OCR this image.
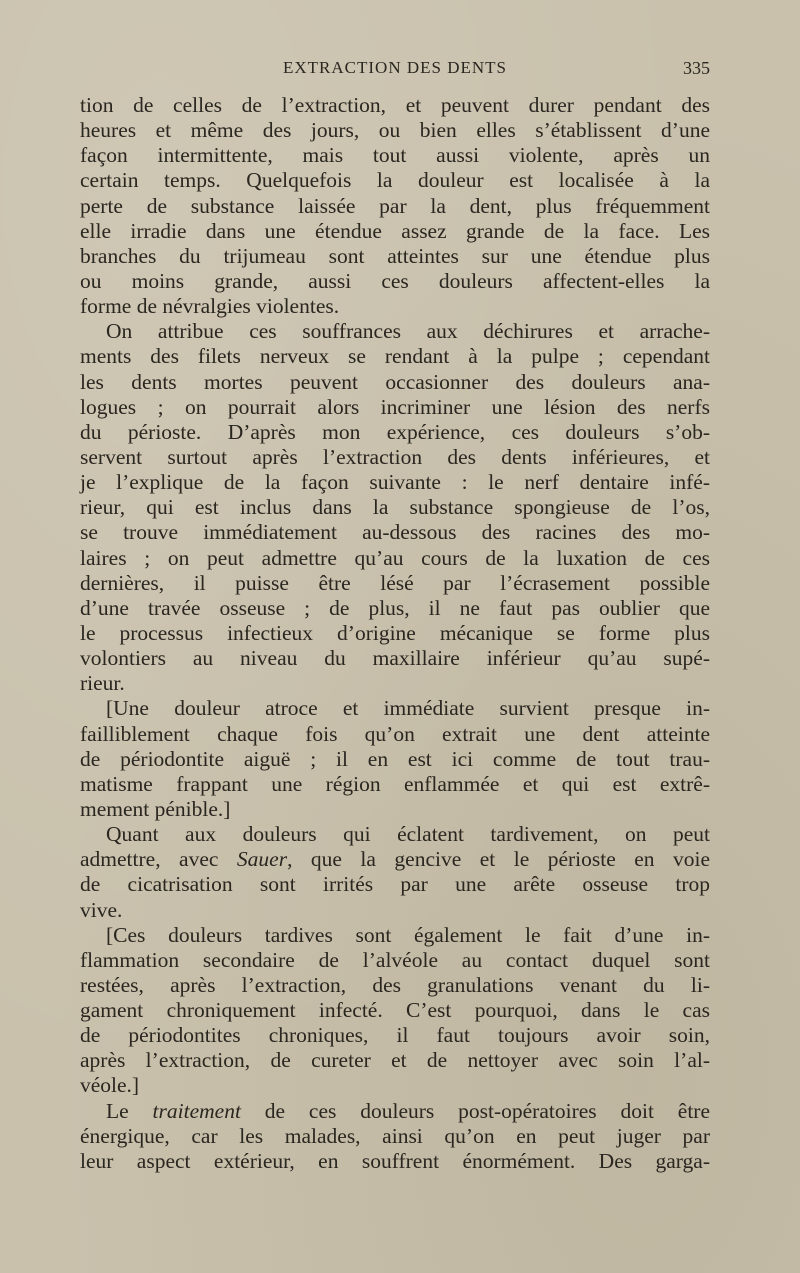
EXTRACTION DES DENTS	335
tion de celles de l’extraction, et peuvent durer pendant des
heures et même des jours, ou bien elles s’établissent d’une
façon intermittente, mais tout aussi violente, après un
certain temps. Quelquefois la douleur est localisée à la
perte de substance laissée par la dent, plus fréquemment
elle irradie dans une étendue assez grande de la face. Les
branches du trijumeau sont atteintes sur une étendue plus
ou moins grande, aussi ces douleurs affectent-elles la
forme de névralgies violentes.
On attribue ces souffrances aux déchirures et arrache-
ments des filets nerveux se rendant à la pulpe ; cependant
les dents mortes peuvent occasionner des douleurs ana-
logues ; on pourrait alors incriminer une lésion des nerfs
du périoste. D’après mon expérience, ces douleurs s’ob-
servent surtout après l’extraction des dents inférieures, et
je l’explique de la façon suivante : le nerf dentaire infé-
rieur, qui est inclus dans la substance spongieuse de l’os,
se trouve immédiatement au-dessous des racines des mo-
laires ; on peut admettre qu’au cours de la luxation de ces
dernières, il puisse être lésé par l’écrasement possible
d’une travée osseuse ; de plus, il ne faut pas oublier que
le processus infectieux d’origine mécanique se forme plus
volontiers au niveau du maxillaire inférieur qu’au supé-
rieur.
[Une douleur atroce et immédiate survient presque in-
failliblement chaque fois qu’on extrait une dent atteinte
de périodontite aiguë ; il en est ici comme de tout trau-
matisme frappant une région enflammée et qui est extrê-
mement pénible.]
Quant aux douleurs qui éclatent tardivement, on peut
admettre, avec Sauer, que la gencive et le périoste en voie
de cicatrisation sont irrités par une arête osseuse trop
vive.
[Ces douleurs tardives sont également le fait d’une in-
flammation secondaire de l’alvéole au contact duquel sont
restées, après l’extraction, des granulations venant du li-
gament chroniquement infecté. C’est pourquoi, dans le cas
de périodontites chroniques, il faut toujours avoir soin,
après l’extraction, de cureter et de nettoyer avec soin l’al-
véole.]
Le traitement de ces douleurs post-opératoires doit être
énergique, car les malades, ainsi qu’on en peut juger par
leur aspect extérieur, en souffrent énormément. Des garga-
